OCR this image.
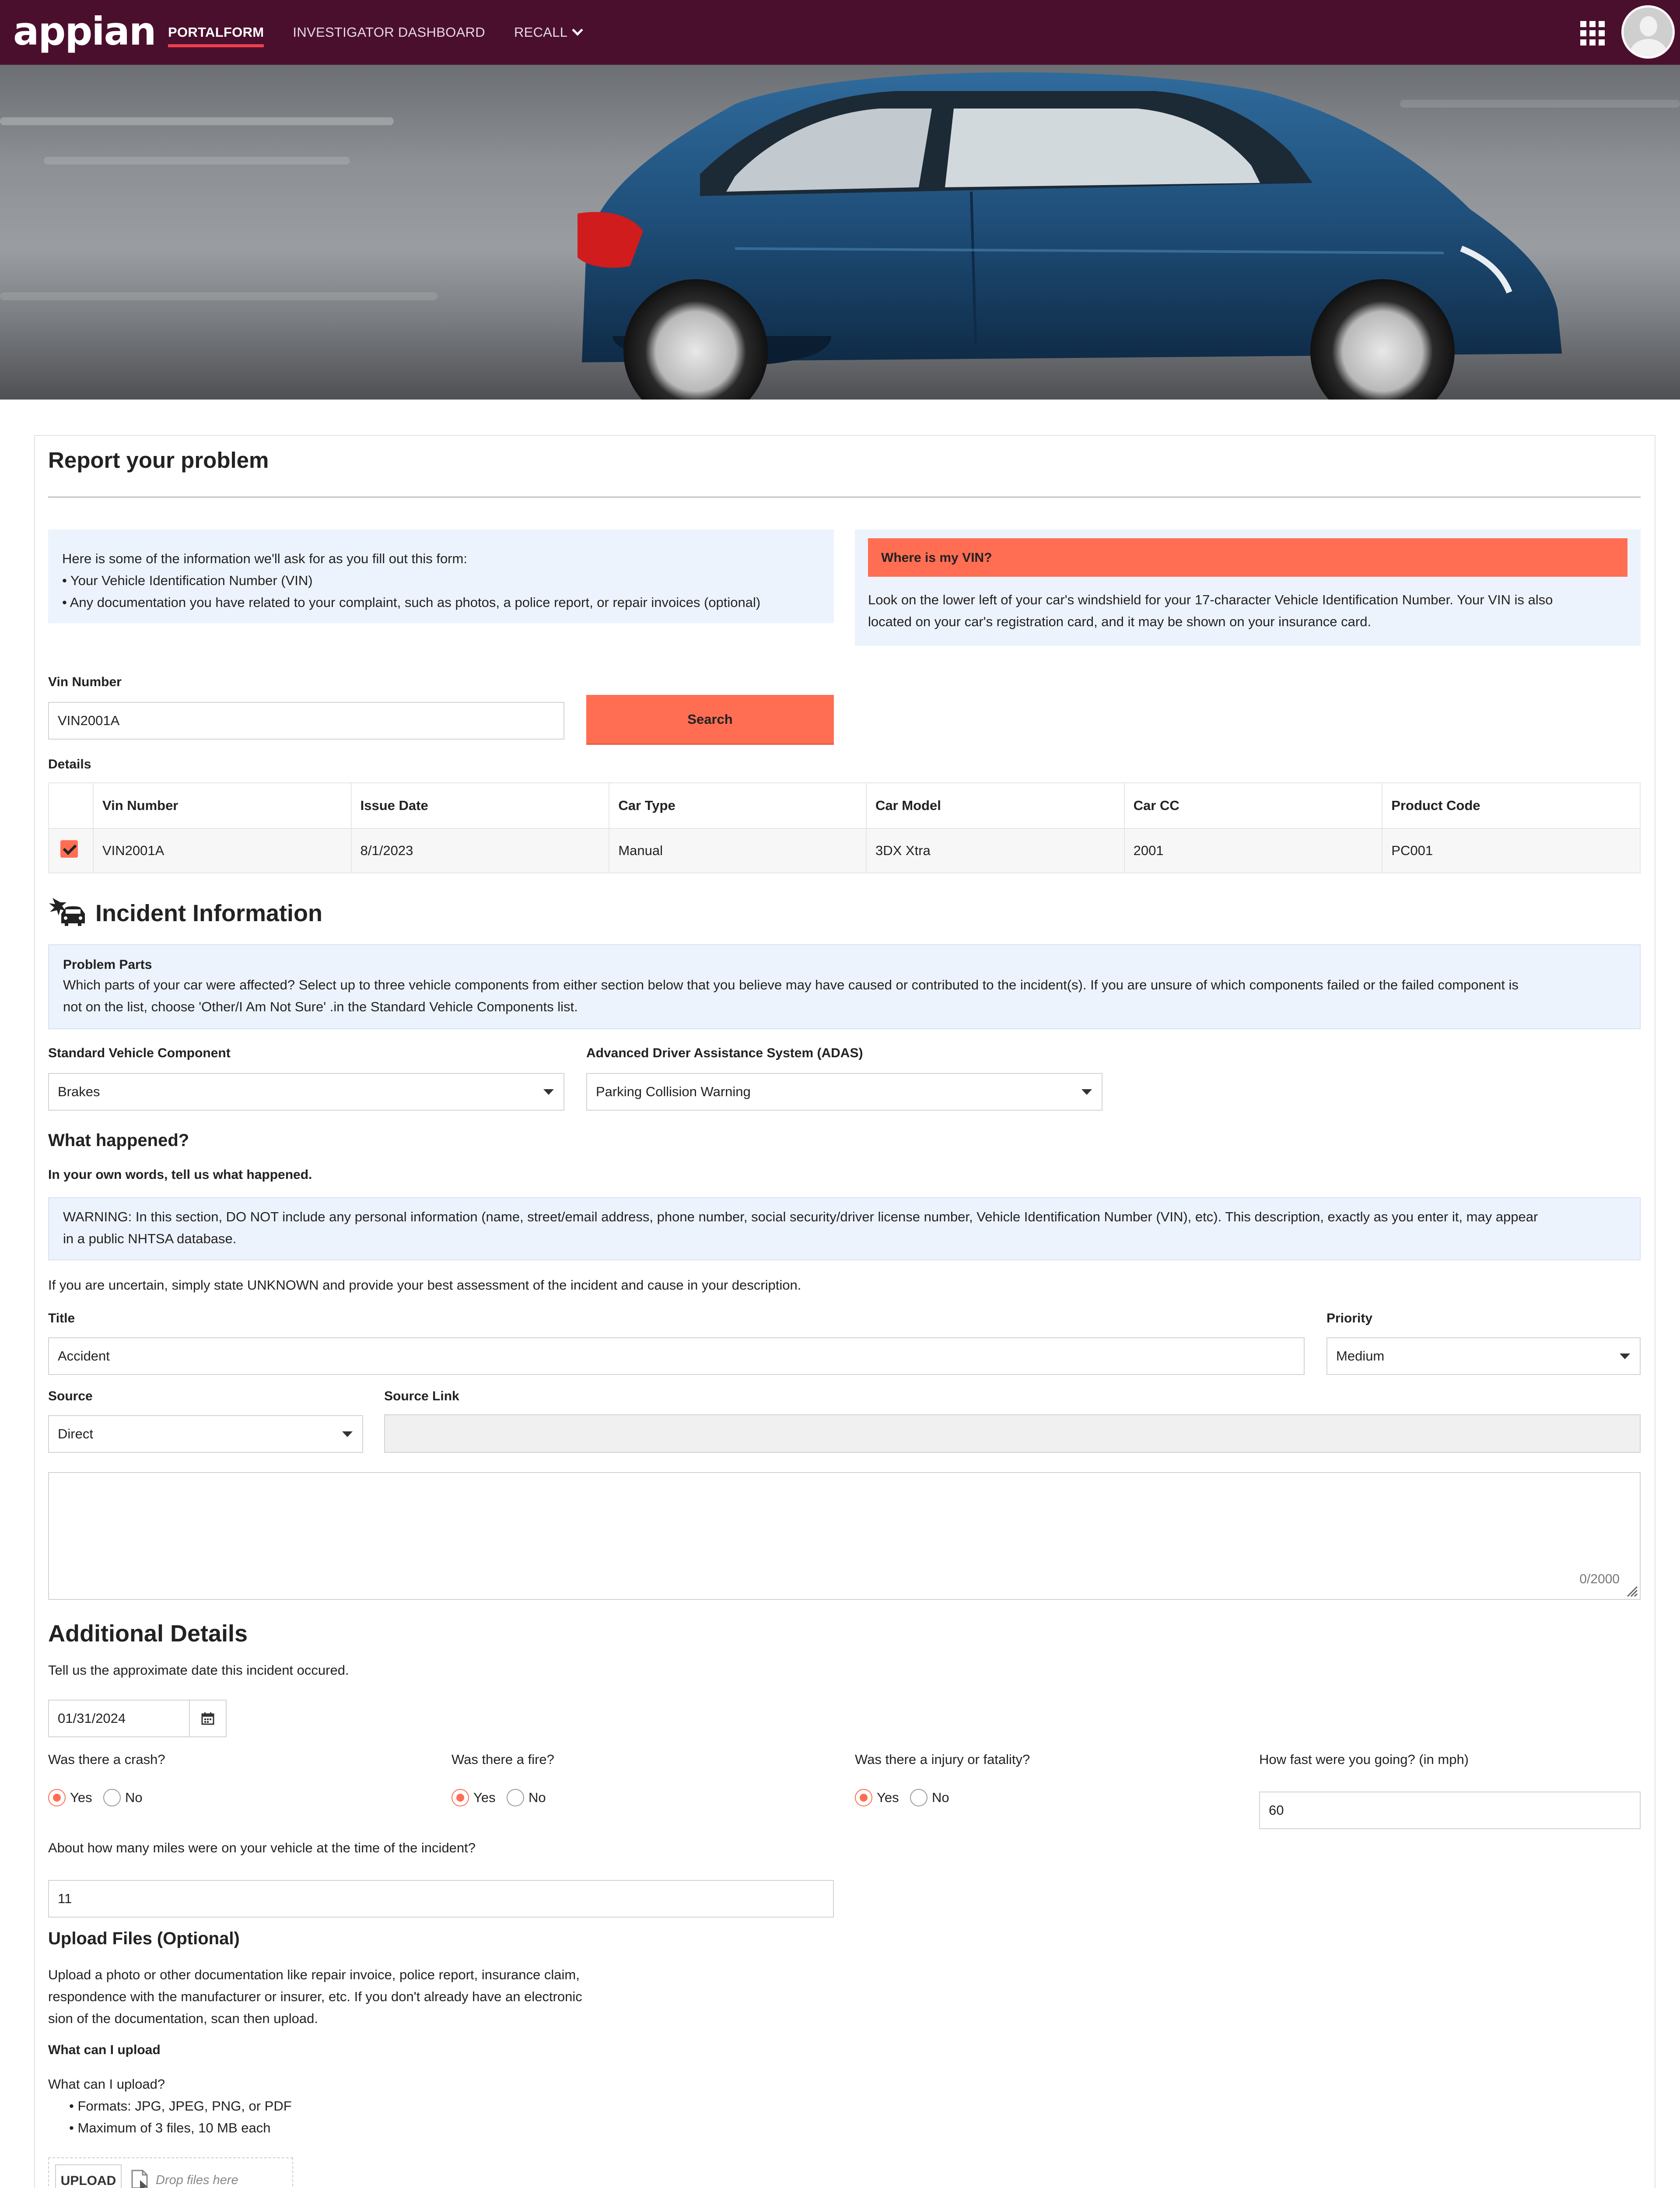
appian PORTALFORM INVESTIGATOR DASHBOARD RECALL
Report your problem
Here is some of the information we'll ask for as you fill out this form:
• Your Vehicle Identification Number (VIN)
• Any documentation you have related to your complaint, such as photos, a police report, or repair invoices (optional)
Where is my VIN?
Look on the lower left of your car's windshield for your 17-character Vehicle Identification Number. Your VIN is also
located on your car's registration card, and it may be shown on your insurance card.
Vin Number
VIN2001A	Search
Details
	Vin Number	Issue Date	Car Type	Car Model	Car CC	Product Code
	VIN2001A	8/1/2023	Manual	3DX Xtra	2001	PC001
Incident Information
Problem Parts
Which parts of your car were affected? Select up to three vehicle components from either section below that you believe may have caused or contributed to the incident(s). If you are unsure of which components failed or the failed component is
not on the list, choose 'Other/I Am Not Sure' .in the Standard Vehicle Components list.
Standard Vehicle Component
Brakes
Advanced Driver Assistance System (ADAS)
Parking Collision Warning
What happened?
In your own words, tell us what happened.
WARNING: In this section, DO NOT include any personal information (name, street/email address, phone number, social security/driver license number, Vehicle Identification Number (VIN), etc). This description, exactly as you enter it, may appear
in a public NHTSA database.
If you are uncertain, simply state UNKNOWN and provide your best assessment of the incident and cause in your description.
Title
Accident
Priority
Medium
Source
Direct
Source Link
0/2000
Additional Details
Tell us the approximate date this incident occured.
01/31/2024
Was there a crash?
Yes No
Was there a fire?
Yes No
Was there a injury or fatality?
Yes No
How fast were you going? (in mph)
60
About how many miles were on your vehicle at the time of the incident?
11
Upload Files (Optional)
Upload a photo or other documentation like repair invoice, police report, insurance claim,
respondence with the manufacturer or insurer, etc. If you don't already have an electronic
sion of the documentation, scan then upload.
What can I upload
What can I upload?
• Formats: JPG, JPEG, PNG, or PDF
• Maximum of 3 files, 10 MB each
UPLOAD	Drop files here
